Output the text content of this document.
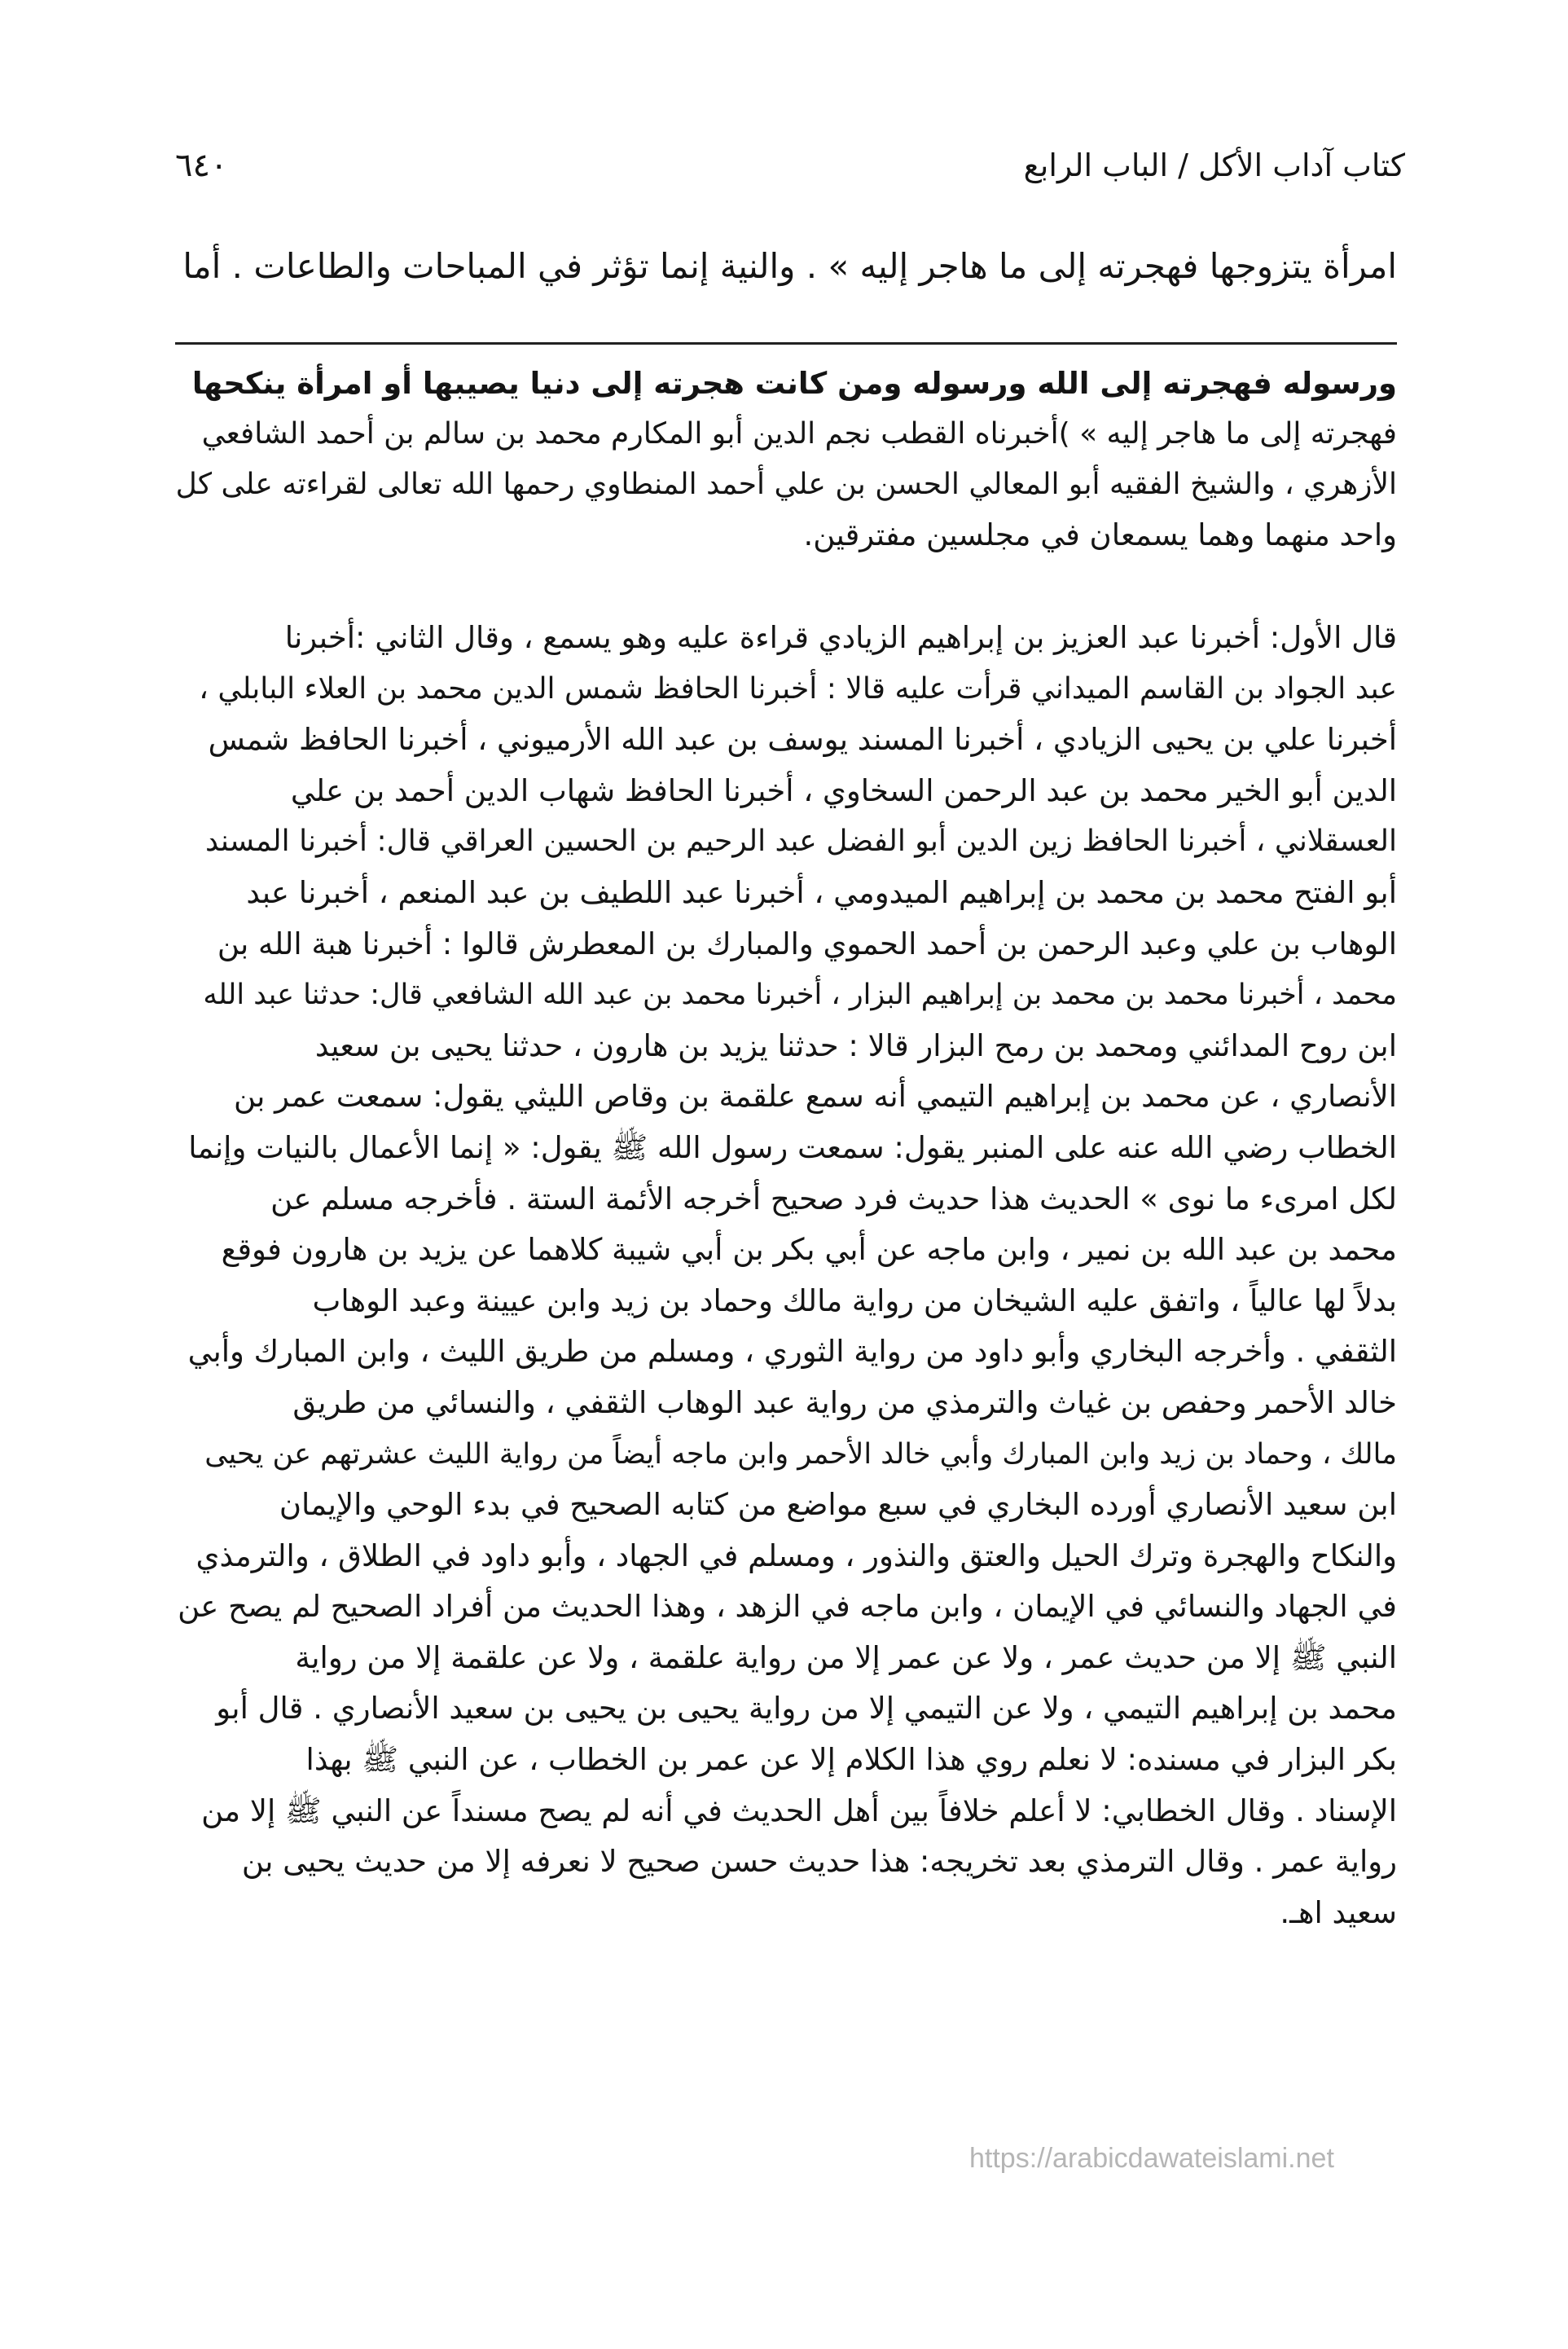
كتاب آداب الأكل / الباب الرابع
٦٤٠
امرأة يتزوجها فهجرته إلى ما هاجر إليه » . والنية إنما تؤثر في المباحات والطاعات . أما
ورسوله فهجرته إلى الله ورسوله ومن كانت هجرته إلى دنيا يصيبها أو امرأة ينكحها
فهجرته إلى ما هاجر إليه » )أخبرناه القطب نجم الدين أبو المكارم محمد بن سالم بن أحمد الشافعي
الأزهري ، والشيخ الفقيه أبو المعالي الحسن بن علي أحمد المنطاوي رحمها الله تعالى لقراءته على كل
واحد منهما وهما يسمعان في مجلسين مفترقين.
قال الأول: أخبرنا عبد العزيز بن إبراهيم الزيادي قراءة عليه وهو يسمع ، وقال الثاني :أخبرنا
عبد الجواد بن القاسم الميداني قرأت عليه قالا : أخبرنا الحافظ شمس الدين محمد بن العلاء البابلي ،
أخبرنا علي بن يحيى الزيادي ، أخبرنا المسند يوسف بن عبد الله الأرميوني ، أخبرنا الحافظ شمس
الدين أبو الخير محمد بن عبد الرحمن السخاوي ، أخبرنا الحافظ شهاب الدين أحمد بن علي
العسقلاني ، أخبرنا الحافظ زين الدين أبو الفضل عبد الرحيم بن الحسين العراقي قال: أخبرنا المسند
أبو الفتح محمد بن محمد بن إبراهيم الميدومي ، أخبرنا عبد اللطيف بن عبد المنعم ، أخبرنا عبد
الوهاب بن علي وعبد الرحمن بن أحمد الحموي والمبارك بن المعطرش قالوا : أخبرنا هبة الله بن
محمد ، أخبرنا محمد بن محمد بن إبراهيم البزار ، أخبرنا محمد بن عبد الله الشافعي قال: حدثنا عبد الله
ابن روح المدائني ومحمد بن رمح البزار قالا : حدثنا يزيد بن هارون ، حدثنا يحيى بن سعيد
الأنصاري ، عن محمد بن إبراهيم التيمي أنه سمع علقمة بن وقاص الليثي يقول: سمعت عمر بن
الخطاب رضي الله عنه على المنبر يقول: سمعت رسول الله ﷺ يقول: « إنما الأعمال بالنيات وإنما
لكل امرىء ما نوى » الحديث هذا حديث فرد صحيح أخرجه الأئمة الستة . فأخرجه مسلم عن
محمد بن عبد الله بن نمير ، وابن ماجه عن أبي بكر بن أبي شيبة كلاهما عن يزيد بن هارون فوقع
بدلاً لها عالياً ، واتفق عليه الشيخان من رواية مالك وحماد بن زيد وابن عيينة وعبد الوهاب
الثقفي . وأخرجه البخاري وأبو داود من رواية الثوري ، ومسلم من طريق الليث ، وابن المبارك وأبي
خالد الأحمر وحفص بن غياث والترمذي من رواية عبد الوهاب الثقفي ، والنسائي من طريق
مالك ، وحماد بن زيد وابن المبارك وأبي خالد الأحمر وابن ماجه أيضاً من رواية الليث عشرتهم عن يحيى
ابن سعيد الأنصاري أورده البخاري في سبع مواضع من كتابه الصحيح في بدء الوحي والإيمان
والنكاح والهجرة وترك الحيل والعتق والنذور ، ومسلم في الجهاد ، وأبو داود في الطلاق ، والترمذي
في الجهاد والنسائي في الإيمان ، وابن ماجه في الزهد ، وهذا الحديث من أفراد الصحيح لم يصح عن
النبي ﷺ إلا من حديث عمر ، ولا عن عمر إلا من رواية علقمة ، ولا عن علقمة إلا من رواية
محمد بن إبراهيم التيمي ، ولا عن التيمي إلا من رواية يحيى بن يحيى بن سعيد الأنصاري . قال أبو
بكر البزار في مسنده: لا نعلم روي هذا الكلام إلا عن عمر بن الخطاب ، عن النبي ﷺ بهذا
الإسناد . وقال الخطابي: لا أعلم خلافاً بين أهل الحديث في أنه لم يصح مسنداً عن النبي ﷺ إلا من
رواية عمر . وقال الترمذي بعد تخريجه: هذا حديث حسن صحيح لا نعرفه إلا من حديث يحيى بن
سعيد اهـ.
https://arabicdawateislami.net
